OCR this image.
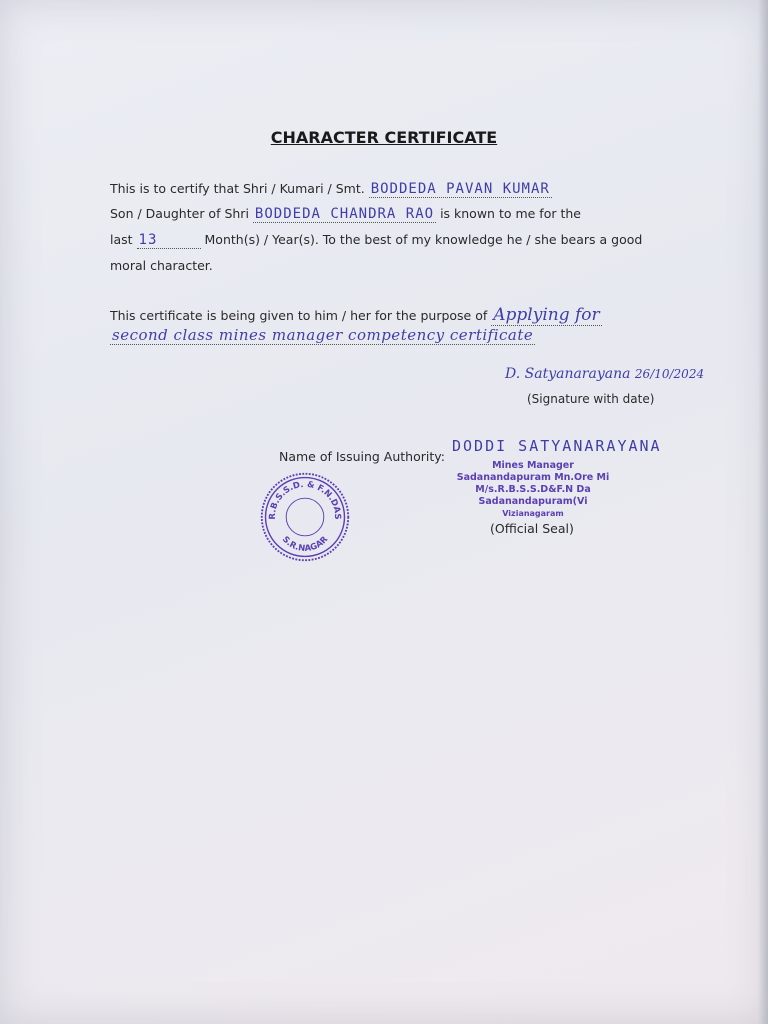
CHARACTER CERTIFICATE
This is to certify that Shri / Kumari / Smt. BODDEDA PAVAN KUMAR
Son / Daughter of Shri BODDEDA CHANDRA RAO is known to me for the
last 13	Month(s) / Year(s). To the best of my knowledge he / she bears a good
moral character.
This certificate is being given to him / her for the purpose of Applying for
second class mines manager competency certificate
D. Satyanarayana 26/10/2024
(Signature with date)
Name of Issuing Authority:
DODDI SATYANARAYANA
Mines Manager
Sadanandapuram Mn.Ore Mi
M/s.R.B.S.S.D&F.N Da
Sadanandapuram(Vi
Vizianagaram
(Official Seal)
R.B.S.S.D. & F.N.DAS
S.R.NAGAR
